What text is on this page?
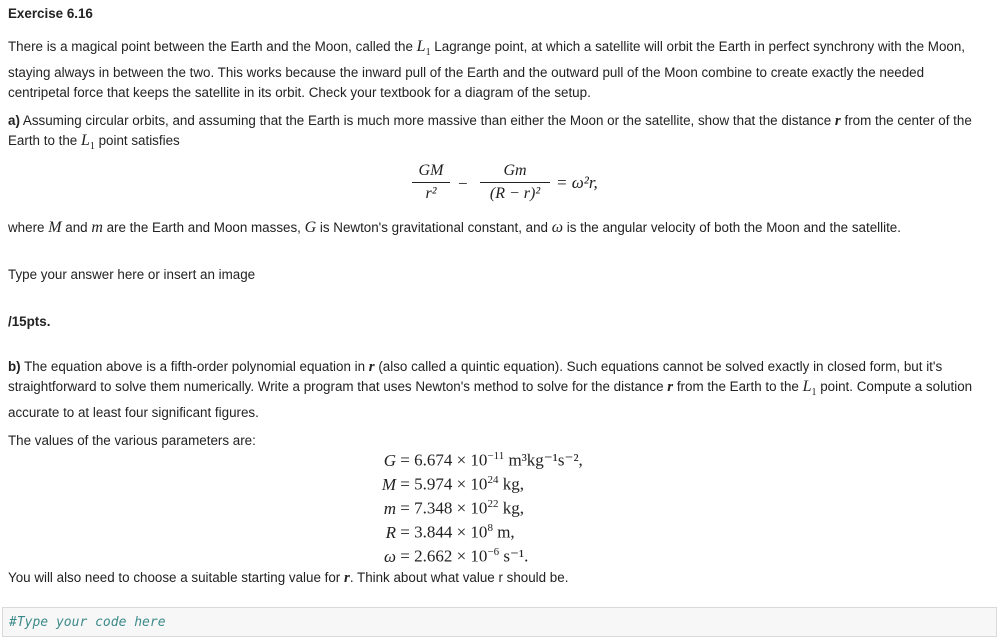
Exercise 6.16

There is a magical point between the Earth and the Moon, called the $L_1$ Lagrange point, at which a satellite will orbit the Earth in perfect synchrony with the Moon, staying always in between the two. This works because the inward pull of the Earth and the outward pull of the Moon combine to create exactly the needed centripetal force that keeps the satellite in its orbit. Check your textbook for a diagram of the setup.

a) Assuming circular orbits, and assuming that the Earth is much more massive than either the Moon or the satellite, show that the distance r from the center of the Earth to the $L_1$ point satisfies

GM
r²
−
Gm
(R − r)²
= ω²r,

where M and m are the Earth and Moon masses, G is Newton's gravitational constant, and ω is the angular velocity of both the Moon and the satellite.

Type your answer here or insert an image

/15pts.

b) The equation above is a fifth-order polynomial equation in r (also called a quintic equation). Such equations cannot be solved exactly in closed form, but it's straightforward to solve them numerically. Write a program that uses Newton's method to solve for the distance r from the Earth to the $L_1$ point. Compute a solution accurate to at least four significant figures.

The values of the various parameters are:

$G = 6.674 \times 10^{-11}$ m³kg⁻¹s⁻²,
$M = 5.974 \times 10^{24}$ kg,
$m = 7.348 \times 10^{22}$ kg,
$R = 3.844 \times 10^8$ m,
$\omega = 2.662 \times 10^{-6}$ s⁻¹.

You will also need to choose a suitable starting value for r. Think about what value r should be.

#Type your code here
